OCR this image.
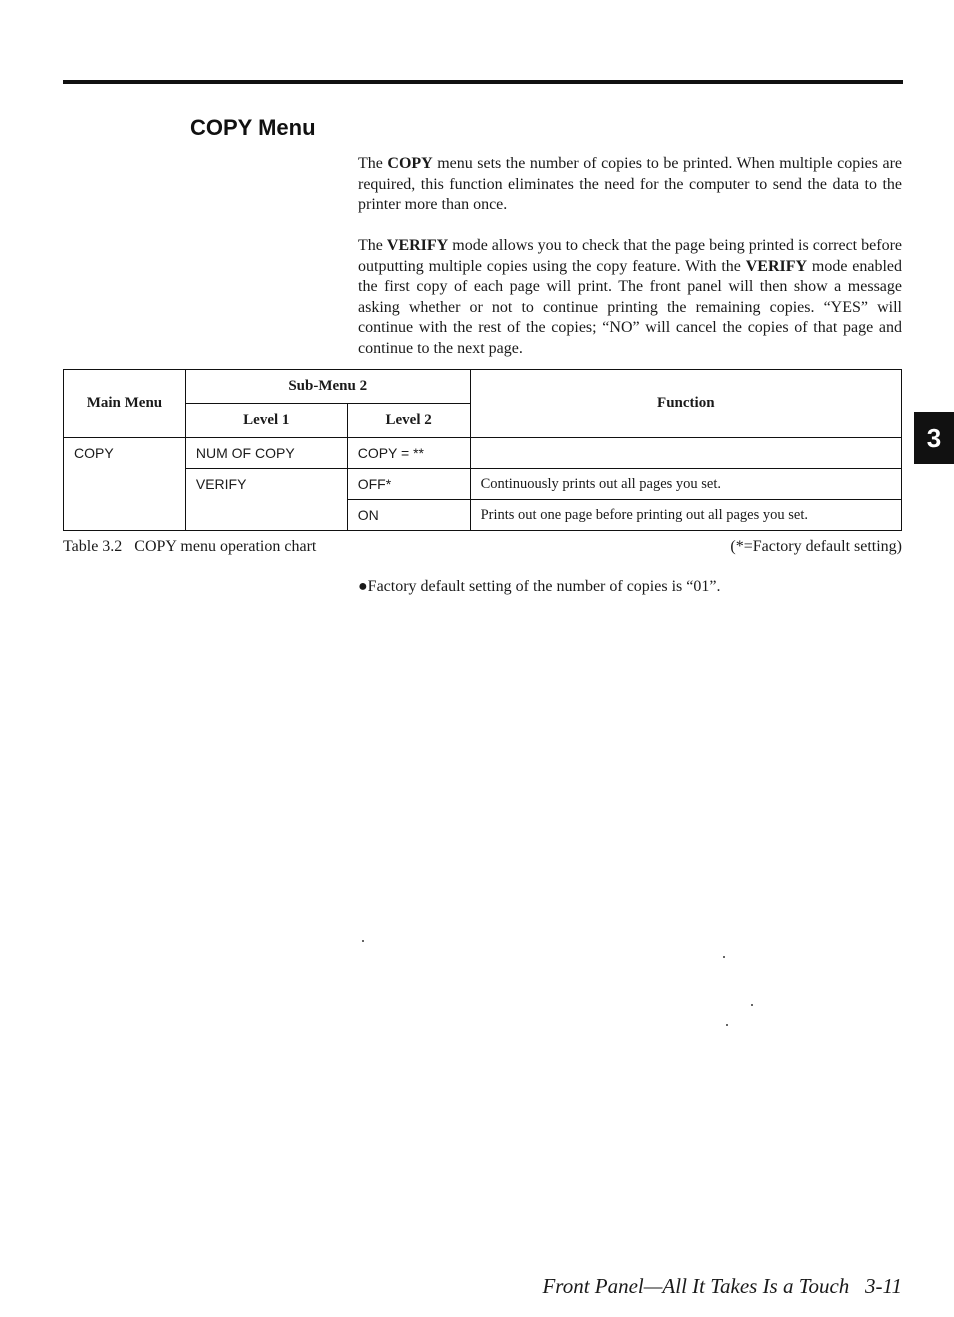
COPY Menu

The COPY menu sets the number of copies to be printed. When multiple copies are required, this function eliminates the need for the computer to send the data to the printer more than once.

The VERIFY mode allows you to check that the page being printed is correct before outputting multiple copies using the copy feature. With the VERIFY mode enabled the first copy of each page will print. The front panel will then show a message asking whether or not to continue printing the remaining copies. “YES” will continue with the rest of the copies; “NO” will cancel the copies of that page and continue to the next page.

Main Menu	Sub-Menu 2		Function
	Level 1	Level 2	
COPY	NUM OF COPY	COPY = **	
	VERIFY	OFF*	Continuously prints out all pages you set.
		ON	Prints out one page before printing out all pages you set.
Table 3.2   COPY menu operation chart	(*=Factory default setting)
●Factory default setting of the number of copies is “01”.
3
Front Panel—All It Takes Is a Touch   3-11
